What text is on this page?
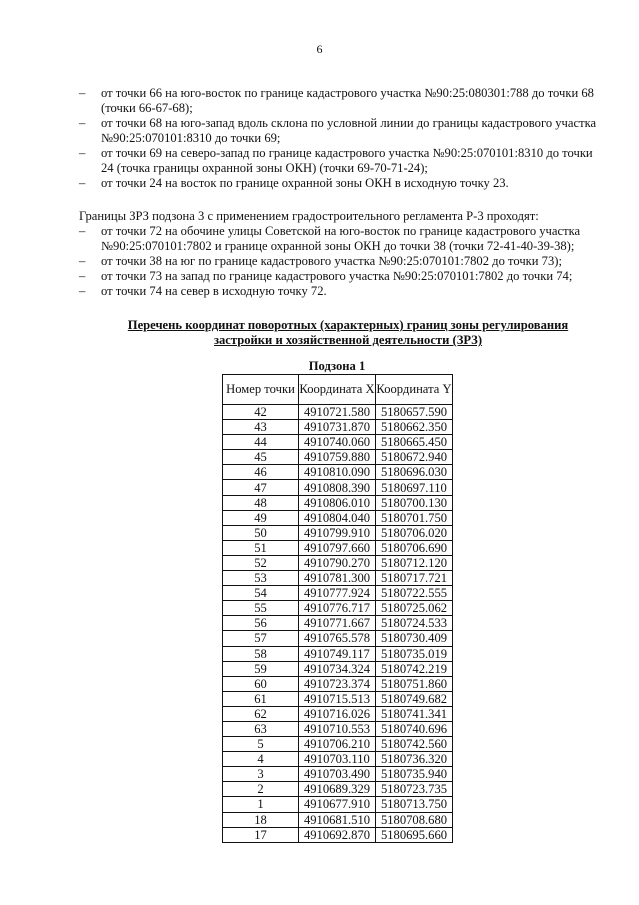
6
– от точки 66 на юго-восток по границе кадастрового участка №90:25:080301:788 до точки 68 (точки 66-67-68);
– от точки 68 на юго-запад вдоль склона по условной линии до границы кадастрового участка №90:25:070101:8310 до точки 69;
– от точки 69 на северо-запад по границе кадастрового участка №90:25:070101:8310 до точки 24 (точка границы охранной зоны ОКН) (точки 69-70-71-24);
– от точки 24 на восток по границе охранной зоны ОКН в исходную точку 23.
Границы ЗРЗ подзона 3 с применением градостроительного регламента Р-3 проходят:
– от точки 72 на обочине улицы Советской на юго-восток по границе кадастрового участка №90:25:070101:7802 и границе охранной зоны ОКН до точки 38 (точки 72-41-40-39-38);
– от точки 38 на юг по границе кадастрового участка №90:25:070101:7802 до точки 73);
– от точки 73 на запад по границе кадастрового участка №90:25:070101:7802 до точки 74;
– от точки 74 на север в исходную точку 72.
Перечень координат поворотных (характерных) границ зоны регулирования
застройки и хозяйственной деятельности (ЗРЗ)
Подзона 1
Номер точки	Координата X	Координата Y
42	4910721.580	5180657.590
43	4910731.870	5180662.350
44	4910740.060	5180665.450
45	4910759.880	5180672.940
46	4910810.090	5180696.030
47	4910808.390	5180697.110
48	4910806.010	5180700.130
49	4910804.040	5180701.750
50	4910799.910	5180706.020
51	4910797.660	5180706.690
52	4910790.270	5180712.120
53	4910781.300	5180717.721
54	4910777.924	5180722.555
55	4910776.717	5180725.062
56	4910771.667	5180724.533
57	4910765.578	5180730.409
58	4910749.117	5180735.019
59	4910734.324	5180742.219
60	4910723.374	5180751.860
61	4910715.513	5180749.682
62	4910716.026	5180741.341
63	4910710.553	5180740.696
5	4910706.210	5180742.560
4	4910703.110	5180736.320
3	4910703.490	5180735.940
2	4910689.329	5180723.735
1	4910677.910	5180713.750
18	4910681.510	5180708.680
17	4910692.870	5180695.660
